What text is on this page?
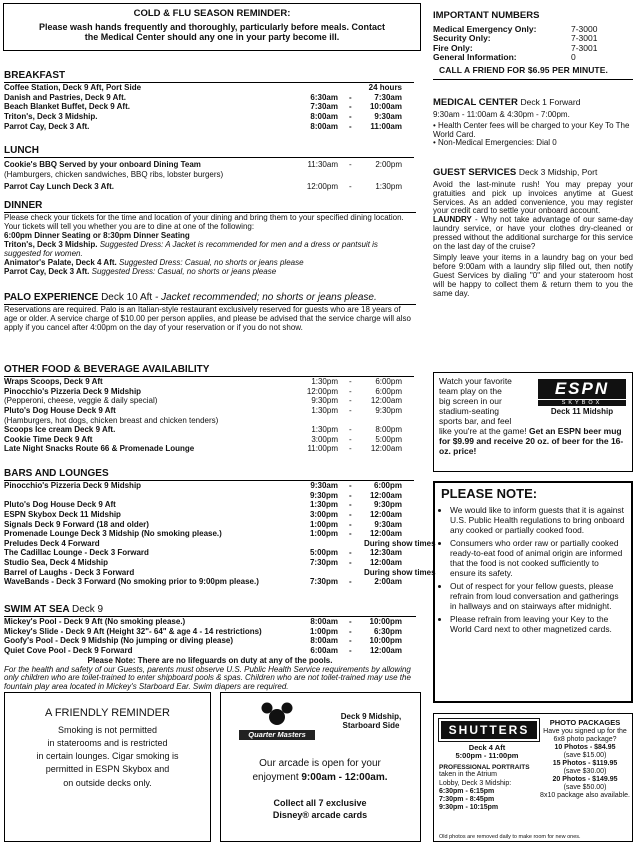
COLD & FLU SEASON REMINDER:
Please wash hands frequently and thoroughly, particularly before meals. Contact
the Medical Center should any one in your party become ill.
BREAKFAST
Coffee Station, Deck 9 Aft, Port Side	24 hours
Danish and Pastries, Deck 9 Aft.	6:30am -	7:30am
Beach Blanket Buffet, Deck 9 Aft.	7:30am -	10:00am
Triton's, Deck 3 Midship.	8:00am -	9:30am
Parrot Cay, Deck 3 Aft.	8:00am -	11:00am
LUNCH
Cookie's BBQ Served by your onboard Dining Team	11:30am -	2:00pm
(Hamburgers, chicken sandwiches, BBQ ribs, lobster burgers)
Parrot Cay Lunch Deck 3 Aft.	12:00pm -	1:30pm
DINNER
Please check your tickets for the time and location of your dining and bring them to your specified dining location. Your tickets will tell you whether you are to dine at one of the following:
6:00pm Dinner Seating or 8:30pm Dinner Seating
Triton's, Deck 3 Midship. Suggested Dress: A Jacket is recommended for men and a dress or pantsuit is suggested for women.
Animator's Palate, Deck 4 Aft. Suggested Dress: Casual, no shorts or jeans please
Parrot Cay, Deck 3 Aft. Suggested Dress: Casual, no shorts or jeans please
PALO EXPERIENCE Deck 10 Aft - Jacket recommended; no shorts or jeans please.
Reservations are required. Palo is an Italian-style restaurant exclusively reserved for guests who are 18 years of age or older. A service charge of $10.00 per person applies, and please be advised that the service charge will also apply if you cancel after 4:00pm on the day of your reservation or if you do not show.
OTHER FOOD & BEVERAGE AVAILABILITY
Wraps Scoops, Deck 9 Aft	1:30pm -	6:00pm
Pinocchio's Pizzeria Deck 9 Midship	12:00pm -	6:00pm
(Pepperoni, cheese, veggie & daily special)	9:30pm -	12:00am
Pluto's Dog House Deck 9 Aft	1:30pm -	9:30pm
(Hamburgers, hot dogs, chicken breast and chicken tenders)
Scoops Ice cream Deck 9 Aft.	1:30pm -	8:00pm
Cookie Time Deck 9 Aft	3:00pm -	5:00pm
Late Night Snacks Route 66 & Promenade Lounge	11:00pm -	12:00am
BARS AND LOUNGES
Pinocchio's Pizzeria Deck 9 Midship	9:30am -	6:00pm
9:30pm -	12:00am
Pluto's Dog House Deck 9 Aft	1:30pm -	9:30pm
ESPN Skybox Deck 11 Midship	3:00pm -	12:00am
Signals Deck 9 Forward (18 and older)	1:00pm -	9:30am
Promenade Lounge Deck 3 Midship (No smoking please.)	1:00pm -	12:00am
Preludes Deck 4 Forward	During show times
The Cadillac Lounge - Deck 3 Forward	5:00pm -	12:30am
Studio Sea, Deck 4 Midship	7:30pm -	12:00am
Barrel of Laughs - Deck 3 Forward	During show times
WaveBands - Deck 3 Forward (No smoking prior to 9:00pm please.)	7:30pm -	2:00am
SWIM AT SEA Deck 9
Mickey's Pool - Deck 9 Aft (No smoking please.)	8:00am -	10:00pm
Mickey's Slide - Deck 9 Aft (Height 32"- 64" & age 4 - 14 restrictions)	1:00pm -	6:30pm
Goofy's Pool - Deck 9 Midship (No jumping or diving please)	8:00am -	10:00pm
Quiet Cove Pool - Deck 9 Forward	6:00am -	12:00am
Please Note: There are no lifeguards on duty at any of the pools.
For the health and safety of our Guests, parents must observe U.S. Public Health Service requirements by allowing only children who are toilet-trained to enter shipboard pools & spas. Children who are not toilet-trained may use the fountain play area located in Mickey's Starboard Ear. Swim diapers are required.
A FRIENDLY REMINDER
Smoking is not permitted
in staterooms and is restricted
in certain lounges. Cigar smoking is
permitted in ESPN Skybox and
on outside decks only.
Quarter Masters
Deck 9 Midship,
Starboard Side
Our arcade is open for your
enjoyment 9:00am - 12:00am.
Collect all 7 exclusive
Disney® arcade cards
IMPORTANT NUMBERS
Medical Emergency Only:	7-3000
Security Only:	7-3001
Fire Only:	7-3001
General Information:	0
CALL A FRIEND FOR $6.95 PER MINUTE.
MEDICAL CENTER Deck 1 Forward
9:30am - 11:00am & 4:30pm - 7:00pm.
• Health Center fees will be charged to your Key To The World Card.
• Non-Medical Emergencies: Dial 0
GUEST SERVICES Deck 3 Midship, Port
Avoid the last-minute rush! You may prepay your gratuities and pick up invoices anytime at Guest Services. As an added convenience, you may register your credit card to settle your onboard account.
LAUNDRY - Why not take advantage of our same-day laundry service, or have your clothes dry-cleaned or pressed without the additional surcharge for this service on the last day of the cruise?
Simply leave your items in a laundry bag on your bed before 9:00am with a laundry slip filled out, then notify Guest Services by dialing "0" and your stateroom host will be happy to collect them & return them to you the same day.
Watch your favorite
team play on the
big screen in our
stadium-seating
sports bar, and feel
ESPN
SKYBOX
Deck 11 Midship
like you're at the game! Get an ESPN beer mug for $9.99 and receive 20 oz. of beer for the 16-oz. price!
PLEASE NOTE:
• We would like to inform guests that it is against U.S. Public Health regulations to bring onboard any cooked or partially cooked food.
• Consumers who order raw or partially cooked ready-to-eat food of animal origin are informed that the food is not cooked sufficiently to ensure its safety.
• Out of respect for your fellow guests, please refrain from loud conversation and gatherings in hallways and on stairways after midnight.
• Please refrain from leaving your Key to the World Card next to other magnetized cards.
SHUTTERS
Deck 4 Aft
5:00pm - 11:00pm
PROFESSIONAL PORTRAITS
taken in the Atrium
Lobby, Deck 3 Midship:
6:30pm - 6:15pm
7:30pm - 8:45pm
9:30pm - 10:15pm
PHOTO PACKAGES
Have you signed up for the 6x8 photo package?
10 Photos - $84.95
(save $15.00)
15 Photos - $119.95
(save $30.00)
20 Photos - $149.95
(save $50.00)
8x10 package also available.
Old photos are removed daily to make room for new ones.
